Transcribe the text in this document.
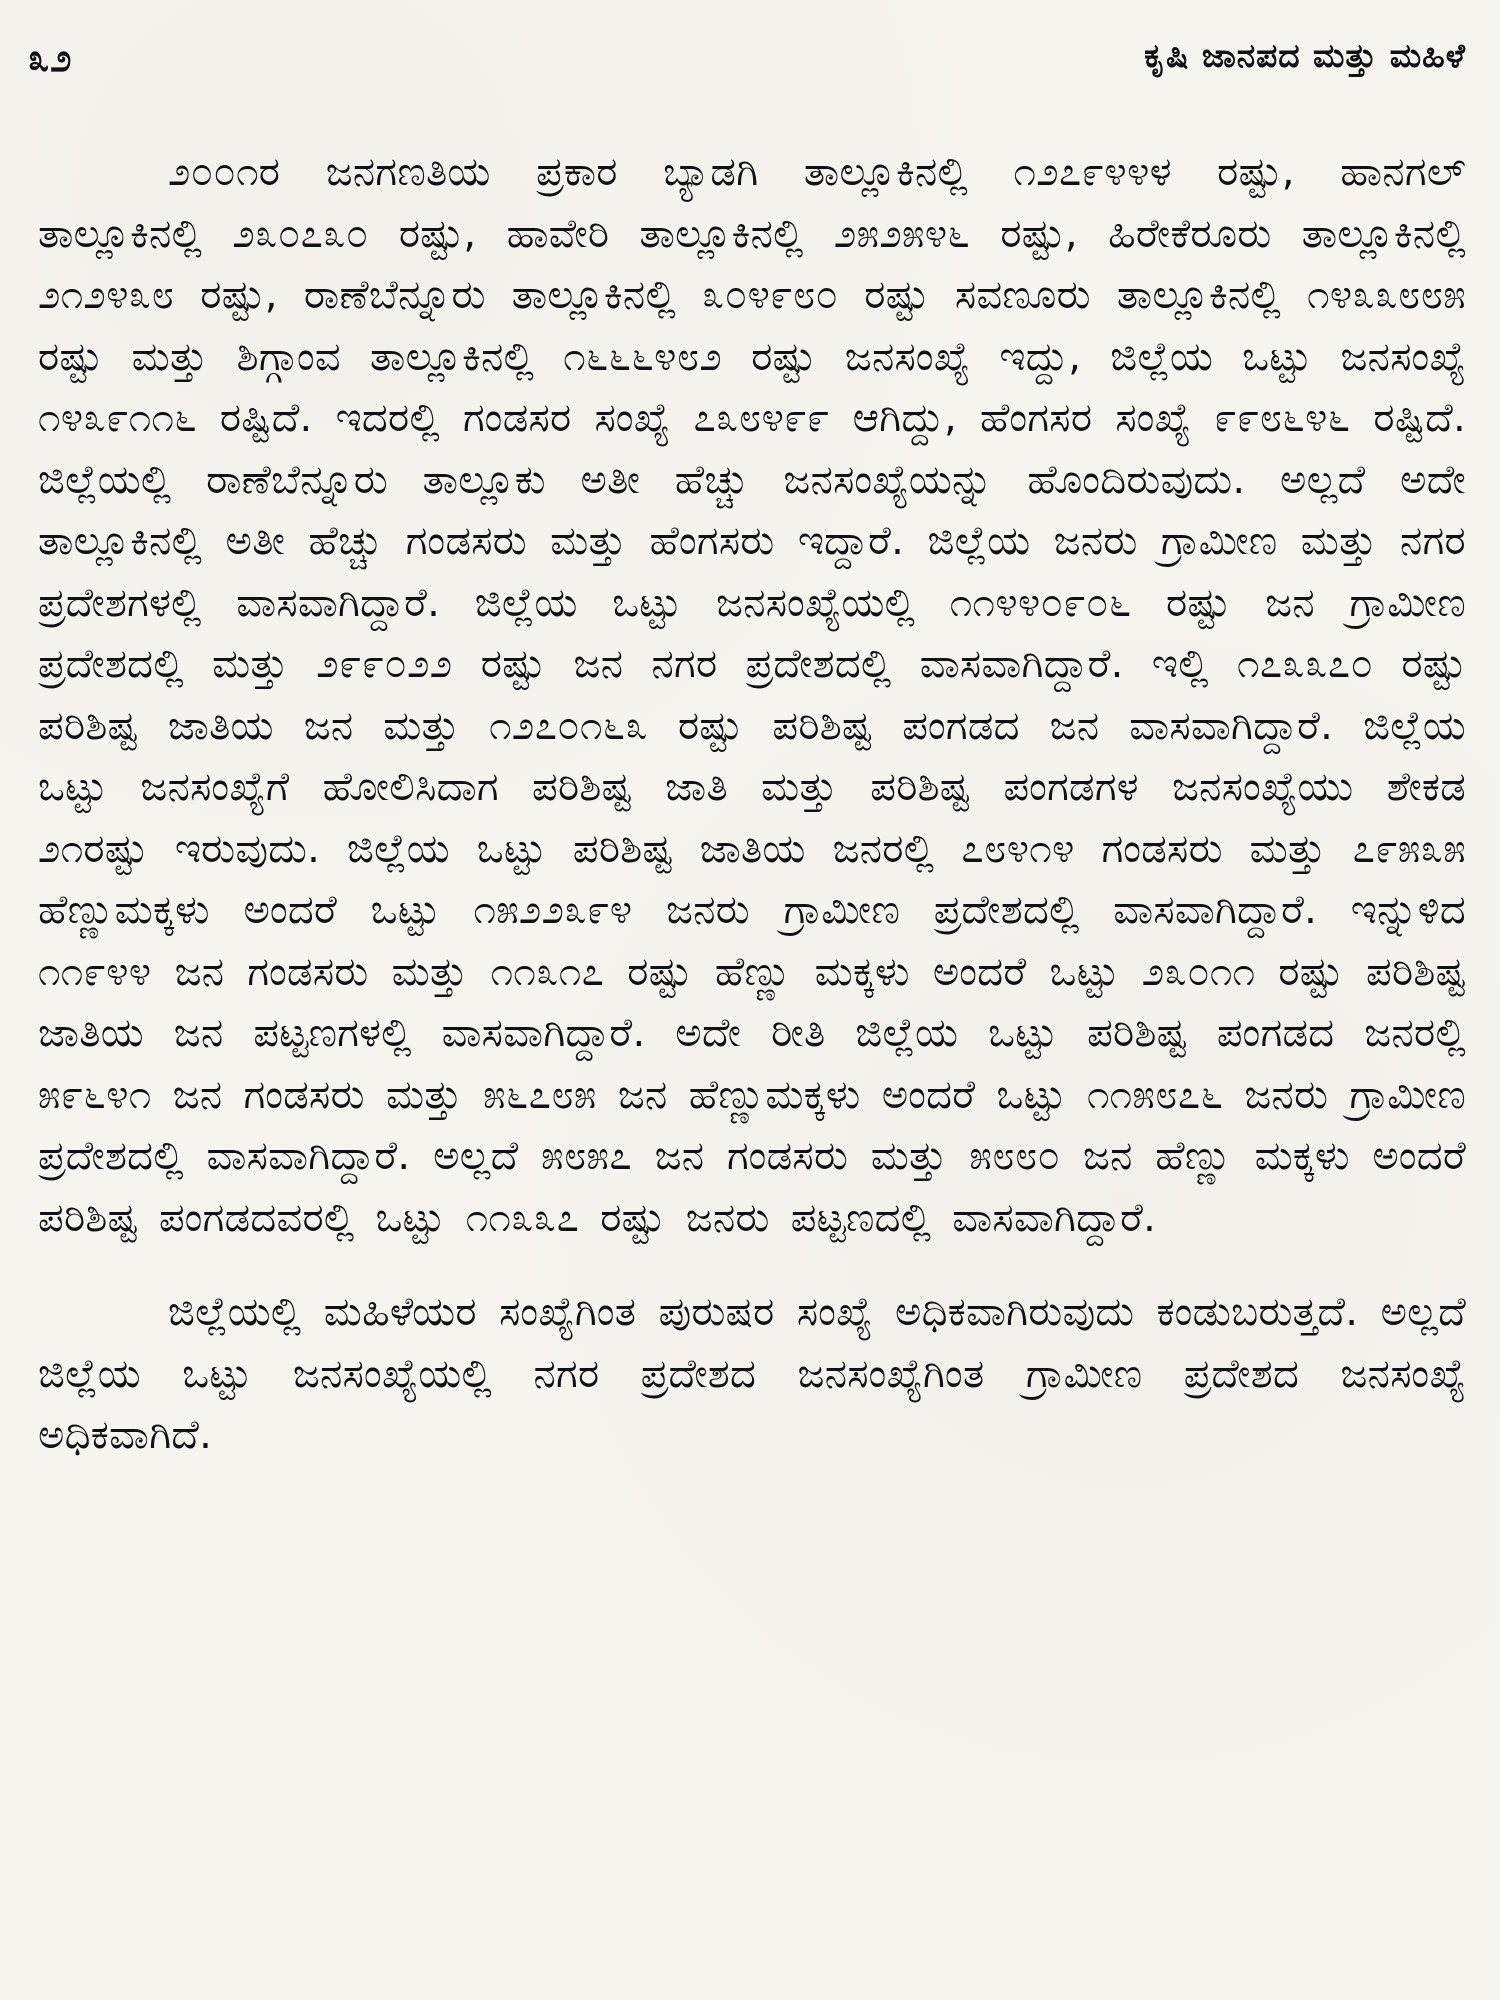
೩೨	ಕೃಷಿ ಜಾನಪದ ಮತ್ತು ಮಹಿಳೆ

೨೦೦೧ರ ಜನಗಣತಿಯ ಪ್ರಕಾರ ಬ್ಯಾಡಗಿ ತಾಲ್ಲೂಕಿನಲ್ಲಿ ೧೨೭೯೪೪ಳ ರಷ್ಟು, ಹಾನಗಲ್ ತಾಲ್ಲೂಕಿನಲ್ಲಿ ೨೩೦೭೩೦ ರಷ್ಟು, ಹಾವೇರಿ ತಾಲ್ಲೂಕಿನಲ್ಲಿ ೨೫೨೫೪೬ ರಷ್ಟು, ಹಿರೇಕೆರೂರು ತಾಲ್ಲೂಕಿನಲ್ಲಿ ೨೧೨೪೩೮ ರಷ್ಟು, ರಾಣೆಬೆನ್ನೂರು ತಾಲ್ಲೂಕಿನಲ್ಲಿ ೩೦೪೯೮೦ ರಷ್ಟು ಸವಣೂರು ತಾಲ್ಲೂಕಿನಲ್ಲಿ ೧೪೩೩೮೮೫ ರಷ್ಟು ಮತ್ತು ಶಿಗ್ಗಾಂವ ತಾಲ್ಲೂಕಿನಲ್ಲಿ ೧೬೬೬೪೮೨ ರಷ್ಟು ಜನಸಂಖ್ಯೆ ಇದ್ದು, ಜಿಲ್ಲೆಯ ಒಟ್ಟು ಜನಸಂಖ್ಯೆ ೧೪೩೯೧೧೬ ರಷ್ಟಿದೆ. ಇದರಲ್ಲಿ ಗಂಡಸರ ಸಂಖ್ಯೆ ೭೩೮೪೯೯ ಆಗಿದ್ದು, ಹೆಂಗಸರ ಸಂಖ್ಯೆ ೯೯೮೬೪೬ ರಷ್ಟಿದೆ. ಜಿಲ್ಲೆಯಲ್ಲಿ ರಾಣೆಬೆನ್ನೂರು ತಾಲ್ಲೂಕು ಅತೀ ಹೆಚ್ಚು ಜನಸಂಖ್ಯೆಯನ್ನು ಹೊಂದಿರುವುದು. ಅಲ್ಲದೆ ಅದೇ ತಾಲ್ಲೂಕಿನಲ್ಲಿ ಅತೀ ಹೆಚ್ಚು ಗಂಡಸರು ಮತ್ತು ಹೆಂಗಸರು ಇದ್ದಾರೆ. ಜಿಲ್ಲೆಯ ಜನರು ಗ್ರಾಮೀಣ ಮತ್ತು ನಗರ ಪ್ರದೇಶಗಳಲ್ಲಿ ವಾಸವಾಗಿದ್ದಾರೆ. ಜಿಲ್ಲೆಯ ಒಟ್ಟು ಜನಸಂಖ್ಯೆಯಲ್ಲಿ ೧೧೪೪೦೯೦೬ ರಷ್ಟು ಜನ ಗ್ರಾಮೀಣ ಪ್ರದೇಶದಲ್ಲಿ ಮತ್ತು ೨೯೯೦೨೨ ರಷ್ಟು ಜನ ನಗರ ಪ್ರದೇಶದಲ್ಲಿ ವಾಸವಾಗಿದ್ದಾರೆ. ಇಲ್ಲಿ ೧೭೩೩೭೦ ರಷ್ಟು ಪರಿಶಿಷ್ಟ ಜಾತಿಯ ಜನ ಮತ್ತು ೧೨೭೦೧೬೩ ರಷ್ಟು ಪರಿಶಿಷ್ಟ ಪಂಗಡದ ಜನ ವಾಸವಾಗಿದ್ದಾರೆ. ಜಿಲ್ಲೆಯ ಒಟ್ಟು ಜನಸಂಖ್ಯೆಗೆ ಹೋಲಿಸಿದಾಗ ಪರಿಶಿಷ್ಟ ಜಾತಿ ಮತ್ತು ಪರಿಶಿಷ್ಟ ಪಂಗಡಗಳ ಜನಸಂಖ್ಯೆಯು ಶೇಕಡ ೨೧ರಷ್ಟು ಇರುವುದು. ಜಿಲ್ಲೆಯ ಒಟ್ಟು ಪರಿಶಿಷ್ಟ ಜಾತಿಯ ಜನರಲ್ಲಿ ೭೮೪೧೪ ಗಂಡಸರು ಮತ್ತು ೭೯೫೩೫ ಹೆಣ್ಣುಮಕ್ಕಳು ಅಂದರೆ ಒಟ್ಟು ೧೫೨೨೩೯೪ ಜನರು ಗ್ರಾಮೀಣ ಪ್ರದೇಶದಲ್ಲಿ ವಾಸವಾಗಿದ್ದಾರೆ. ಇನ್ನುಳಿದ ೧೧೯೪೪ ಜನ ಗಂಡಸರು ಮತ್ತು ೧೧೩೧೭ ರಷ್ಟು ಹೆಣ್ಣು ಮಕ್ಕಳು ಅಂದರೆ ಒಟ್ಟು ೨೩೦೧೧ ರಷ್ಟು ಪರಿಶಿಷ್ಟ ಜಾತಿಯ ಜನ ಪಟ್ಟಣಗಳಲ್ಲಿ ವಾಸವಾಗಿದ್ದಾರೆ. ಅದೇ ರೀತಿ ಜಿಲ್ಲೆಯ ಒಟ್ಟು ಪರಿಶಿಷ್ಟ ಪಂಗಡದ ಜನರಲ್ಲಿ ೫೯೬೪೧ ಜನ ಗಂಡಸರು ಮತ್ತು ೫೬೭೮೫ ಜನ ಹೆಣ್ಣುಮಕ್ಕಳು ಅಂದರೆ ಒಟ್ಟು ೧೧೫೮೭೬ ಜನರು ಗ್ರಾಮೀಣ ಪ್ರದೇಶದಲ್ಲಿ ವಾಸವಾಗಿದ್ದಾರೆ. ಅಲ್ಲದೆ ೫೮೫೭ ಜನ ಗಂಡಸರು ಮತ್ತು ೫೮೮೦ ಜನ ಹೆಣ್ಣು ಮಕ್ಕಳು ಅಂದರೆ ಪರಿಶಿಷ್ಟ ಪಂಗಡದವರಲ್ಲಿ ಒಟ್ಟು ೧೧೩೩೭ ರಷ್ಟು ಜನರು ಪಟ್ಟಣದಲ್ಲಿ ವಾಸವಾಗಿದ್ದಾರೆ.

ಜಿಲ್ಲೆಯಲ್ಲಿ ಮಹಿಳೆಯರ ಸಂಖ್ಯೆಗಿಂತ ಪುರುಷರ ಸಂಖ್ಯೆ ಅಧಿಕವಾಗಿರುವುದು ಕಂಡುಬರುತ್ತದೆ. ಅಲ್ಲದೆ ಜಿಲ್ಲೆಯ ಒಟ್ಟು ಜನಸಂಖ್ಯೆಯಲ್ಲಿ ನಗರ ಪ್ರದೇಶದ ಜನಸಂಖ್ಯೆಗಿಂತ ಗ್ರಾಮೀಣ ಪ್ರದೇಶದ ಜನಸಂಖ್ಯೆ ಅಧಿಕವಾಗಿದೆ.
